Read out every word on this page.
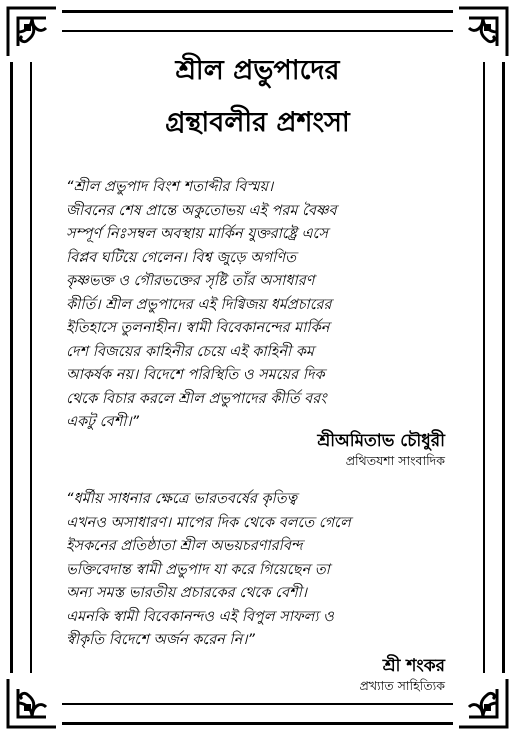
শ্রীল প্রভুপাদের
গ্রন্থাবলীর প্রশংসা
“শ্রীল প্রভুপাদ বিংশ শতাব্দীর বিস্ময়।
জীবনের শেষ প্রান্তে অকুতোভয় এই পরম বৈষ্ণব
সম্পূর্ণ নিঃসম্বল অবস্থায় মার্কিন যুক্তরাষ্ট্রে এসে
বিপ্লব ঘটিয়ে গেলেন। বিশ্ব জুড়ে অগণিত
কৃষ্ণভক্ত ও গৌরভক্তের সৃষ্টি তাঁর অসাধারণ
কীর্তি। শ্রীল প্রভুপাদের এই দিগ্বিজয় ধর্মপ্রচারের
ইতিহাসে তুলনাহীন। স্বামী বিবেকানন্দের মার্কিন
দেশ বিজয়ের কাহিনীর চেয়ে এই কাহিনী কম
আকর্ষক নয়। বিদেশে পরিস্থিতি ও সময়ের দিক
থেকে বিচার করলে শ্রীল প্রভুপাদের কীর্তি বরং
একটু বেশী।”
শ্রীঅমিতাভ চৌধুরী
প্রথিতযশা সাংবাদিক
“ধর্মীয় সাধনার ক্ষেত্রে ভারতবর্ষের কৃতিত্ব
এখনও অসাধারণ। মাপের দিক থেকে বলতে গেলে
ইসকনের প্রতিষ্ঠাতা শ্রীল অভয়চরণারবিন্দ
ভক্তিবেদান্ত স্বামী প্রভুপাদ যা করে গিয়েছেন তা
অন্য সমস্ত ভারতীয় প্রচারকের থেকে বেশী।
এমনকি স্বামী বিবেকানন্দও এই বিপুল সাফল্য ও
স্বীকৃতি বিদেশে অর্জন করেন নি।”
শ্রী শংকর
প্রখ্যাত সাহিত্যিক
